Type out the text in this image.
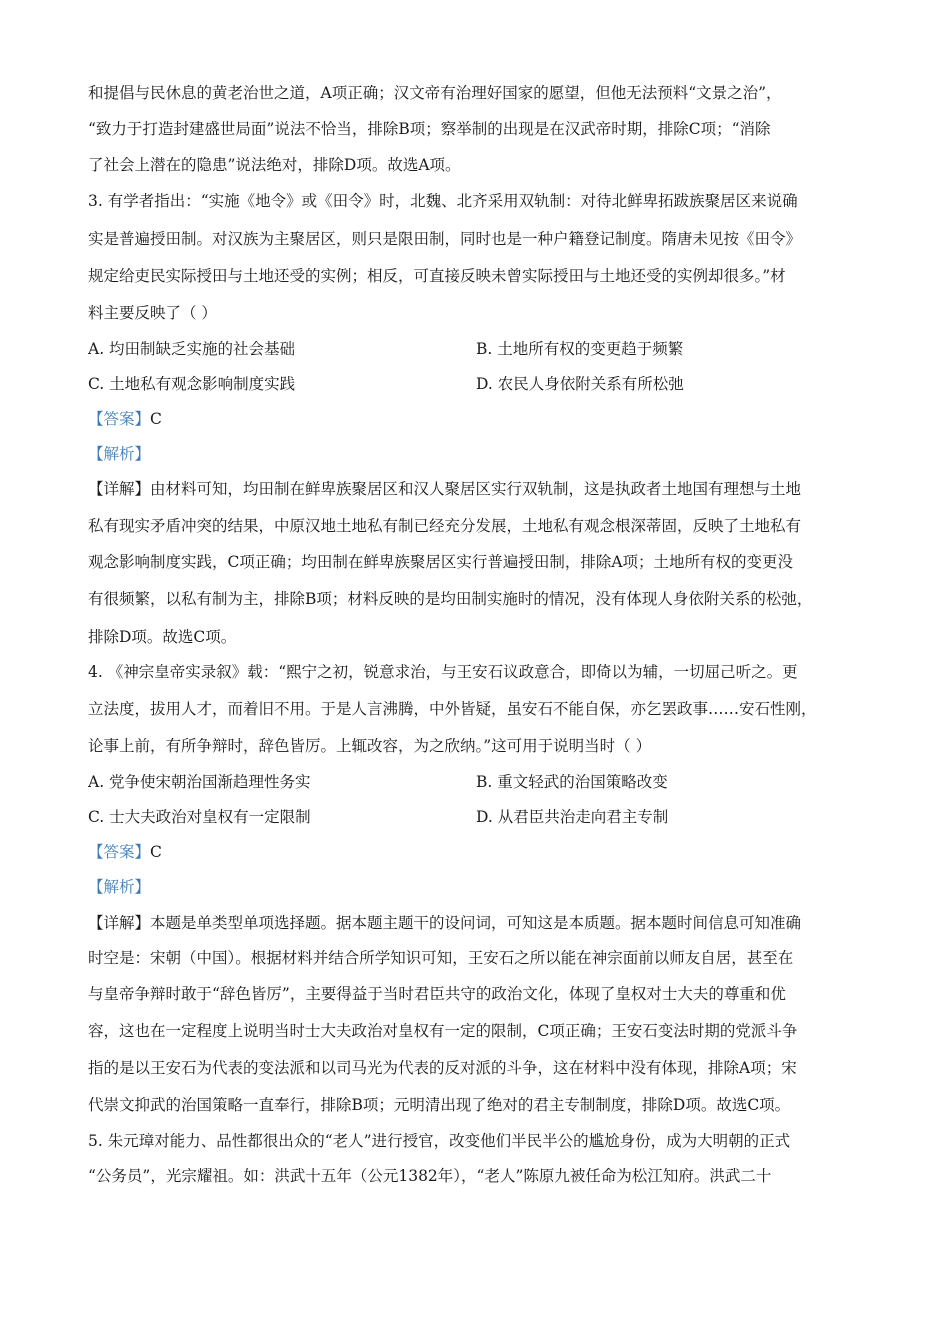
和提倡与民休息的黄老治世之道，A项正确；汉文帝有治理好国家的愿望，但他无法预料“文景之治”，
“致力于打造封建盛世局面”说法不恰当，排除B项；察举制的出现是在汉武帝时期，排除C项；“消除
了社会上潜在的隐患”说法绝对，排除D项。故选A项。
3. 有学者指出：“实施《地令》或《田令》时，北魏、北齐采用双轨制：对待北鲜卑拓跋族聚居区来说确
实是普遍授田制。对汉族为主聚居区，则只是限田制，同时也是一种户籍登记制度。隋唐未见按《田令》
规定给吏民实际授田与土地还受的实例；相反，可直接反映未曾实际授田与土地还受的实例却很多。”材
料主要反映了（ ）
A. 均田制缺乏实施的社会基础	B. 土地所有权的变更趋于频繁
C. 土地私有观念影响制度实践	D. 农民人身依附关系有所松弛
【答案】C
【解析】
【详解】由材料可知，均田制在鲜卑族聚居区和汉人聚居区实行双轨制，这是执政者土地国有理想与土地
私有现实矛盾冲突的结果，中原汉地土地私有制已经充分发展，土地私有观念根深蒂固，反映了土地私有
观念影响制度实践，C项正确；均田制在鲜卑族聚居区实行普遍授田制，排除A项；土地所有权的变更没
有很频繁，以私有制为主，排除B项；材料反映的是均田制实施时的情况，没有体现人身依附关系的松弛，
排除D项。故选C项。
4. 《神宗皇帝实录叙》载：“熙宁之初，锐意求治，与王安石议政意合，即倚以为辅，一切屈己听之。更
立法度，拔用人才，而着旧不用。于是人言沸腾，中外皆疑，虽安石不能自保，亦乞罢政事……安石性刚，
论事上前，有所争辩时，辞色皆厉。上辄改容，为之欣纳。”这可用于说明当时（ ）
A. 党争使宋朝治国渐趋理性务实	B. 重文轻武的治国策略改变
C. 士大夫政治对皇权有一定限制	D. 从君臣共治走向君主专制
【答案】C
【解析】
【详解】本题是单类型单项选择题。据本题主题干的设问词，可知这是本质题。据本题时间信息可知准确
时空是：宋朝（中国）。根据材料并结合所学知识可知，王安石之所以能在神宗面前以师友自居，甚至在
与皇帝争辩时敢于“辞色皆厉”，主要得益于当时君臣共守的政治文化，体现了皇权对士大夫的尊重和优
容，这也在一定程度上说明当时士大夫政治对皇权有一定的限制，C项正确；王安石变法时期的党派斗争
指的是以王安石为代表的变法派和以司马光为代表的反对派的斗争，这在材料中没有体现，排除A项；宋
代崇文抑武的治国策略一直奉行，排除B项；元明清出现了绝对的君主专制制度，排除D项。故选C项。
5. 朱元璋对能力、品性都很出众的“老人”进行授官，改变他们半民半公的尴尬身份，成为大明朝的正式
“公务员”，光宗耀祖。如：洪武十五年（公元1382年），“老人”陈原九被任命为松江知府。洪武二十
